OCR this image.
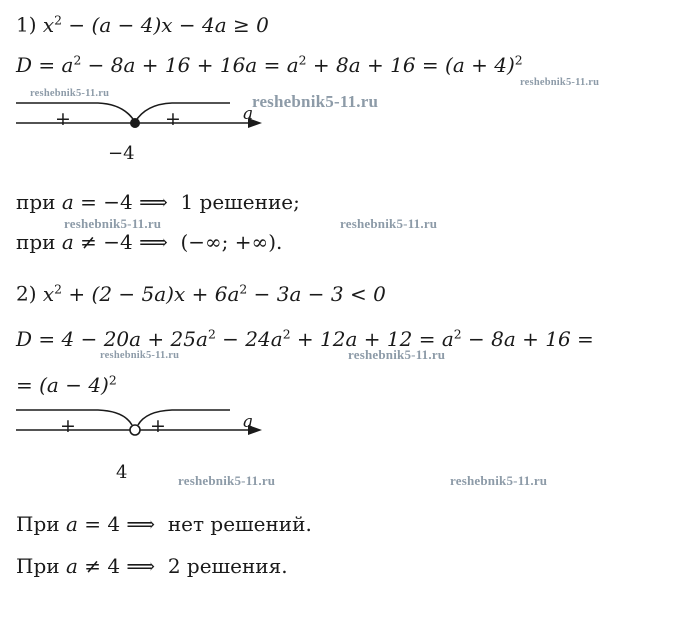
1) $x^2 - (a - 4)x - 4a \ge 0$
$D = a^2 - 8a + 16 + 16a = a^2 + 8a + 16 = (a + 4)^2$
+	+	a
−4
при a = −4 ⟹  1 решение;
при a ≠ −4 ⟹  (−∞; +∞).
2) $x^2 + (2 - 5a)x + 6a^2 - 3a - 3 < 0$
$D = 4 - 20a + 25a^2 - 24a^2 + 12a + 12 = a^2 - 8a + 16$ =
= $(a - 4)^2$
+	+	a
4
При a = 4 ⟹  нет решений.
При a ≠ 4 ⟹  2 решения.
reshebnik5-11.ru	reshebnik5-11.ru
reshebnik5-11.ru
reshebnik5-11.ru	reshebnik5-11.ru
reshebnik5-11.ru	reshebnik5-11.ru
reshebnik5-11.ru	reshebnik5-11.ru
